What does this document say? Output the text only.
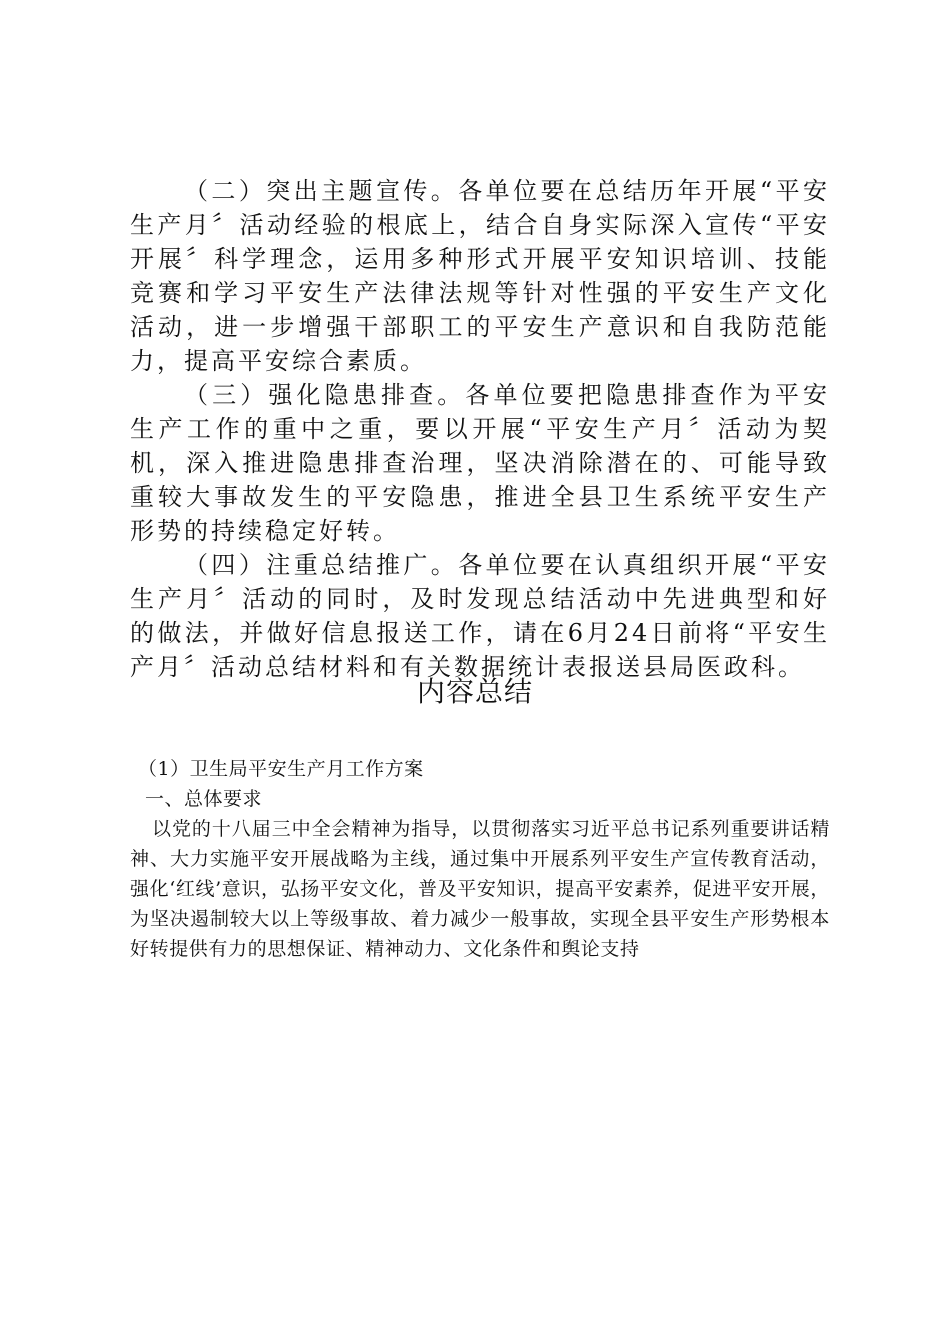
（二）突出主题宣传。各单位要在总结历年开展“平安生产月〞活动经验的根底上，结合自身实际深入宣传“平安开展〞科学理念，运用多种形式开展平安知识培训、技能竞赛和学习平安生产法律法规等针对性强的平安生产文化活动，进一步增强干部职工的平安生产意识和自我防范能力，提高平安综合素质。

（三）强化隐患排查。各单位要把隐患排查作为平安生产工作的重中之重，要以开展“平安生产月〞活动为契机，深入推进隐患排查治理，坚决消除潜在的、可能导致重较大事故发生的平安隐患，推进全县卫生系统平安生产形势的持续稳定好转。

（四）注重总结推广。各单位要在认真组织开展“平安生产月〞活动的同时，及时发现总结活动中先进典型和好的做法，并做好信息报送工作，请在6月24日前将“平安生产月〞活动总结材料和有关数据统计表报送县局医政科。

内容总结

（1）卫生局平安生产月工作方案

一、总体要求

以党的十八届三中全会精神为指导，以贯彻落实习近平总书记系列重要讲话精神、大力实施平安开展战略为主线，通过集中开展系列平安生产宣传教育活动，强化‘红线’意识，弘扬平安文化，普及平安知识，提高平安素养，促进平安开展，为坚决遏制较大以上等级事故、着力减少一般事故，实现全县平安生产形势根本好转提供有力的思想保证、精神动力、文化条件和舆论支持
